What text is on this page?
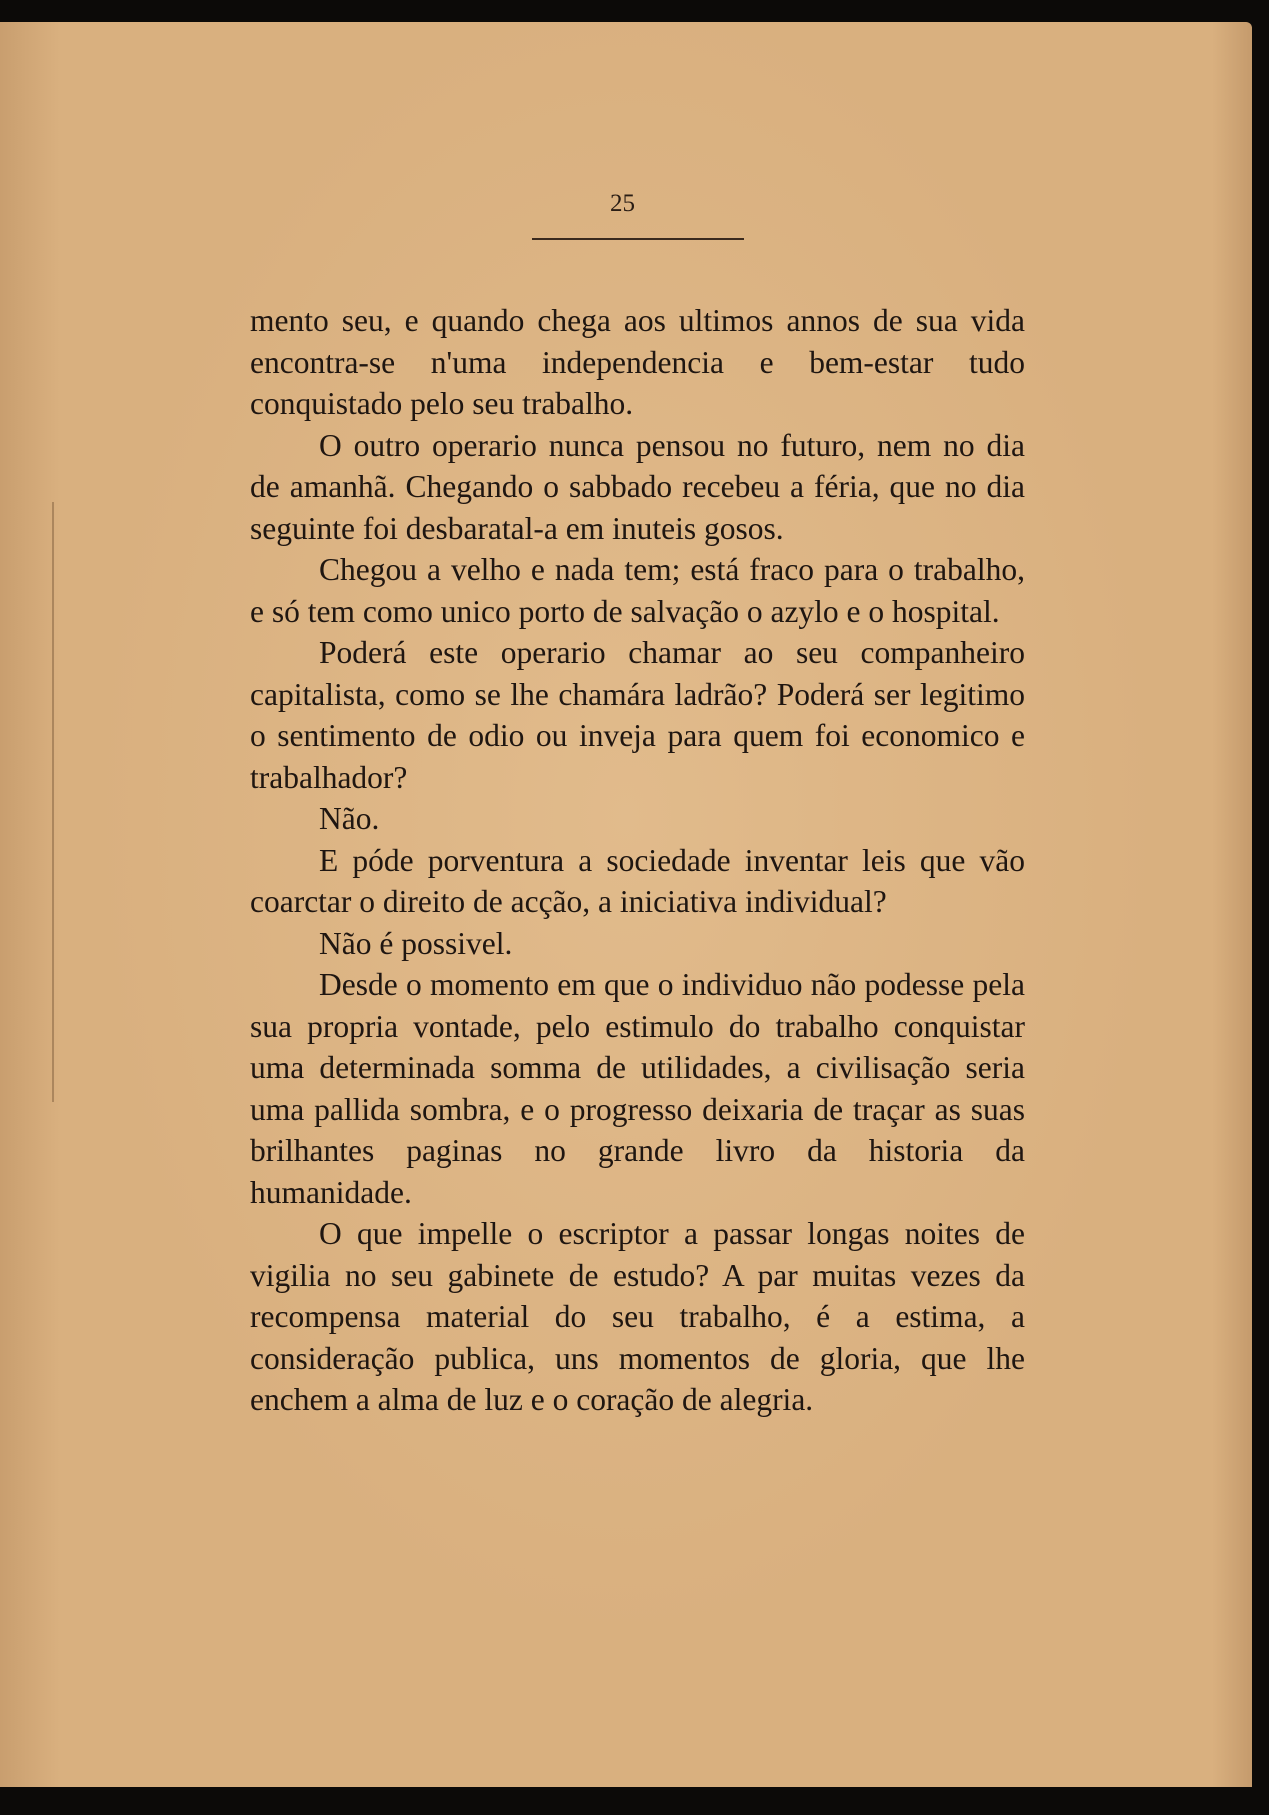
25

mento seu, e quando chega aos ultimos annos de sua vida encontra-se n'uma independencia e bem-estar tudo conquistado pelo seu trabalho.

O outro operario nunca pensou no futuro, nem no dia de amanhã. Chegando o sabbado recebeu a féria, que no dia seguinte foi desbaratal-a em inuteis gosos.

Chegou a velho e nada tem; está fraco para o trabalho, e só tem como unico porto de salvação o azylo e o hospital.

Poderá este operario chamar ao seu companheiro capitalista, como se lhe chamára ladrão? Poderá ser legitimo o sentimento de odio ou inveja para quem foi economico e trabalhador?

Não.

E póde porventura a sociedade inventar leis que vão coarctar o direito de acção, a iniciativa individual?

Não é possivel.

Desde o momento em que o individuo não podesse pela sua propria vontade, pelo estimulo do trabalho conquistar uma determinada somma de utilidades, a civilisação seria uma pallida sombra, e o progresso deixaria de traçar as suas brilhantes paginas no grande livro da historia da humanidade.

O que impelle o escriptor a passar longas noites de vigilia no seu gabinete de estudo? A par muitas vezes da recompensa material do seu trabalho, é a estima, a consideração publica, uns momentos de gloria, que lhe enchem a alma de luz e o coração de alegria.
